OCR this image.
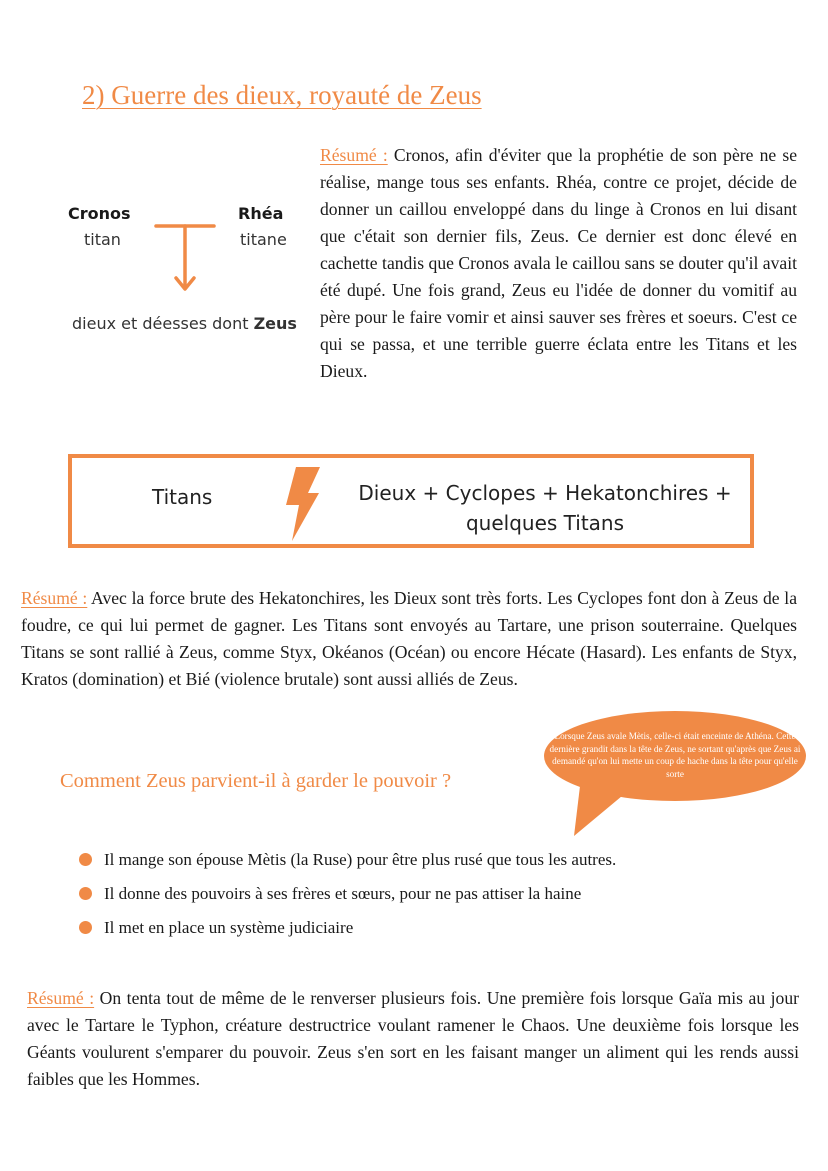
2) Guerre des dieux, royauté de Zeus
Cronos
titan
Rhéa
titane
dieux et déesses dont Zeus
Résumé : Cronos, afin d'éviter que la prophétie de son père ne se réalise, mange tous ses enfants. Rhéa, contre ce projet, décide de donner un caillou enveloppé dans du linge à Cronos en lui disant que c'était son dernier fils, Zeus. Ce dernier est donc élevé en cachette tandis que Cronos avala le caillou sans se douter qu'il avait été dupé. Une fois grand, Zeus eu l'idée de donner du vomitif au père pour le faire vomir et ainsi sauver ses frères et soeurs. C'est ce qui se passa, et une terrible guerre éclata entre les Titans et les Dieux.
Titans	Dieux + Cyclopes + Hekatonchires + quelques Titans
Résumé : Avec la force brute des Hekatonchires, les Dieux sont très forts. Les Cyclopes font don à Zeus de la foudre, ce qui lui permet de gagner. Les Titans sont envoyés au Tartare, une prison souterraine. Quelques Titans se sont rallié à Zeus, comme Styx, Okéanos (Océan) ou encore Hécate (Hasard). Les enfants de Styx, Kratos (domination) et Bié (violence brutale) sont aussi alliés de Zeus.
Lorsque Zeus avale Mètis, celle-ci était enceinte de Athéna. Cette dernière grandit dans la tête de Zeus, ne sortant qu'après que Zeus ai demandé qu'on lui mette un coup de hache dans la tête pour qu'elle sorte
Comment Zeus parvient-il à garder le pouvoir ?
Il mange son épouse Mètis (la Ruse) pour être plus rusé que tous les autres.
Il donne des pouvoirs à ses frères et sœurs, pour ne pas attiser la haine
Il met en place un système judiciaire
Résumé : On tenta tout de même de le renverser plusieurs fois. Une première fois lorsque Gaïa mis au jour avec le Tartare le Typhon, créature destructrice voulant ramener le Chaos. Une deuxième fois lorsque les Géants voulurent s'emparer du pouvoir. Zeus s'en sort en les faisant manger un aliment qui les rends aussi faibles que les Hommes.
